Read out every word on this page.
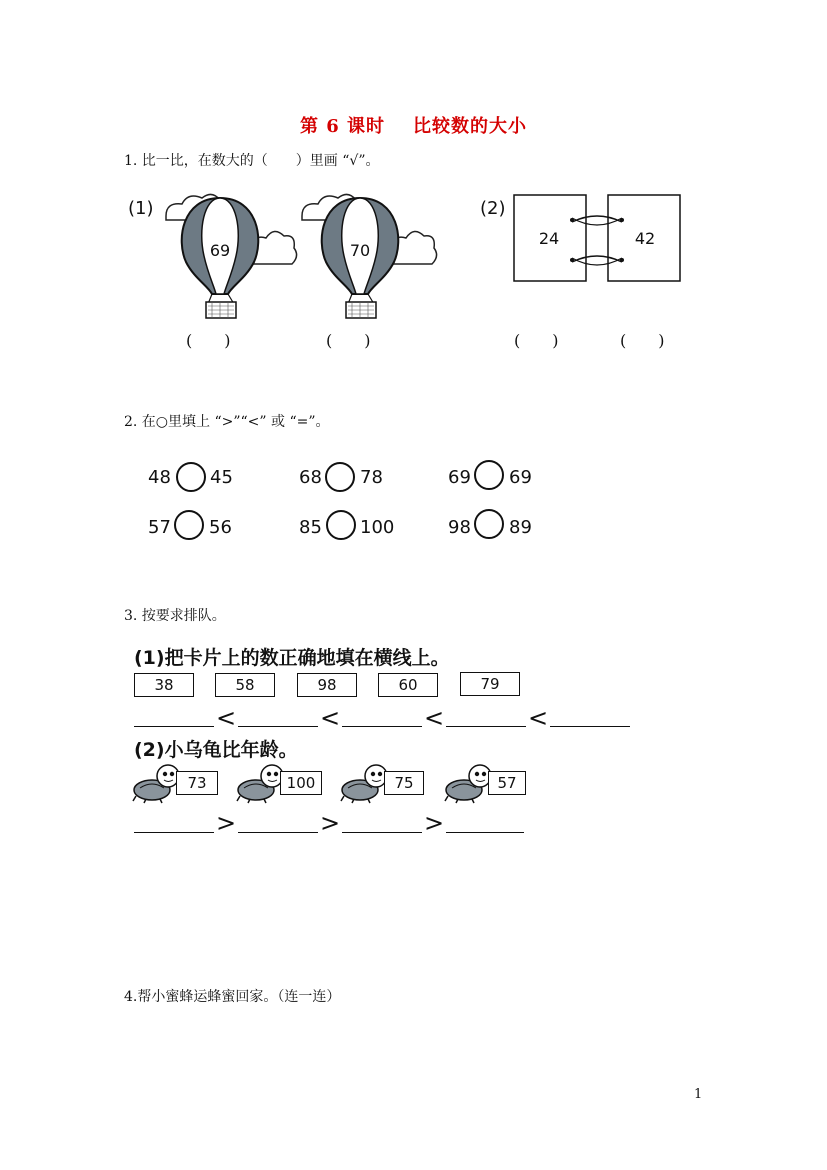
第 6 课时 比较数的大小
1. 比一比，在数大的（　　）里画 “√”。
(1)
69	70
(2)
24	42
(　　)	(　　)	(　　)	(　　)
2. 在○里填上 “>”“<” 或 “=”。
48 45	68 78	69 69
57 56	85 100	98 89
3. 按要求排队。
(1)把卡片上的数正确地填在横线上。
38	58	98	60	79
<	<	<	<
(2)小乌龟比年龄。
73	100	75	57
>	>	>
4.帮小蜜蜂运蜂蜜回家。（连一连）
1
